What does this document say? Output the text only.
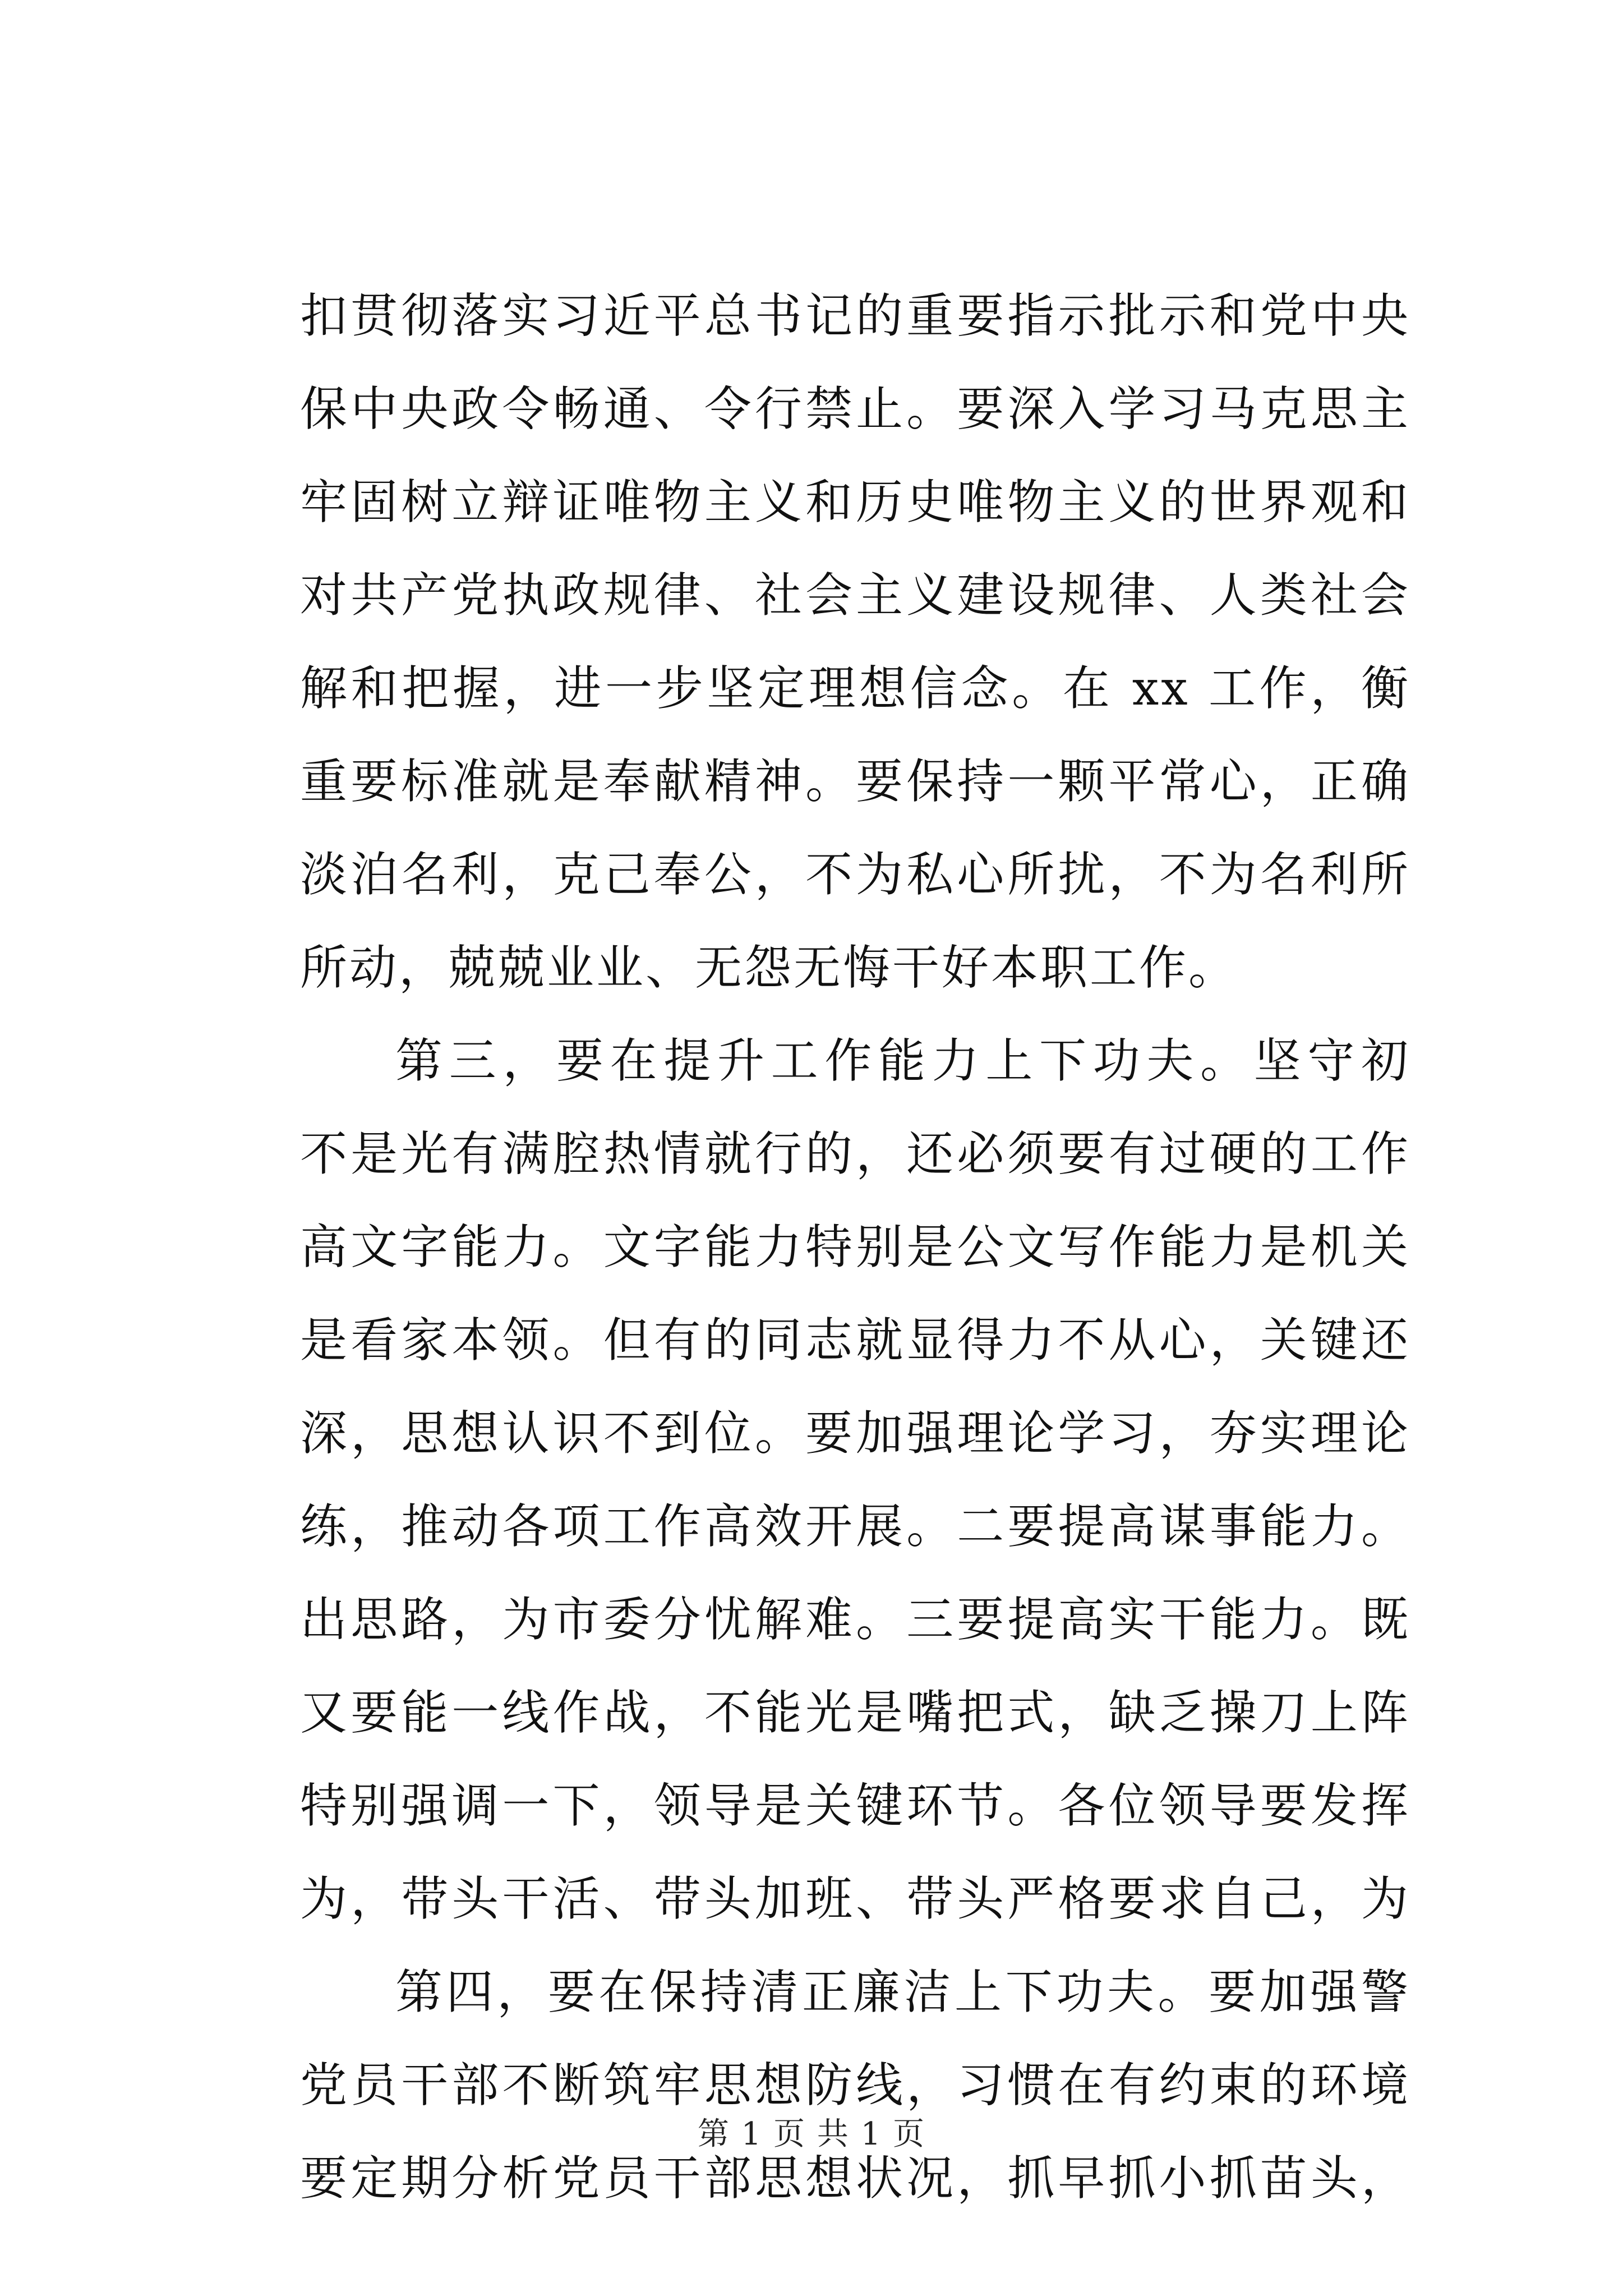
扣贯彻落实习近平总书记的重要指示批示和党中央
保中央政令畅通、令行禁止。要深入学习马克思主
牢固树立辩证唯物主义和历史唯物主义的世界观和
对共产党执政规律、社会主义建设规律、人类社会
解和把握，进一步坚定理想信念。在 xx 工作，衡
重要标准就是奉献精神。要保持一颗平常心，正确
淡泊名利，克己奉公，不为私心所扰，不为名利所
所动，兢兢业业、无怨无悔干好本职工作。
第三，要在提升工作能力上下功夫。坚守初
不是光有满腔热情就行的，还必须要有过硬的工作
高文字能力。文字能力特别是公文写作能力是机关
是看家本领。但有的同志就显得力不从心，关键还
深，思想认识不到位。要加强理论学习，夯实理论
练，推动各项工作高效开展。二要提高谋事能力。
出思路，为市委分忧解难。三要提高实干能力。既
又要能一线作战，不能光是嘴把式，缺乏操刀上阵
特别强调一下，领导是关键环节。各位领导要发挥
为，带头干活、带头加班、带头严格要求自己，为
第四，要在保持清正廉洁上下功夫。要加强警
党员干部不断筑牢思想防线，习惯在有约束的环境
要定期分析党员干部思想状况，抓早抓小抓苗头，
第 1 页 共 1 页
